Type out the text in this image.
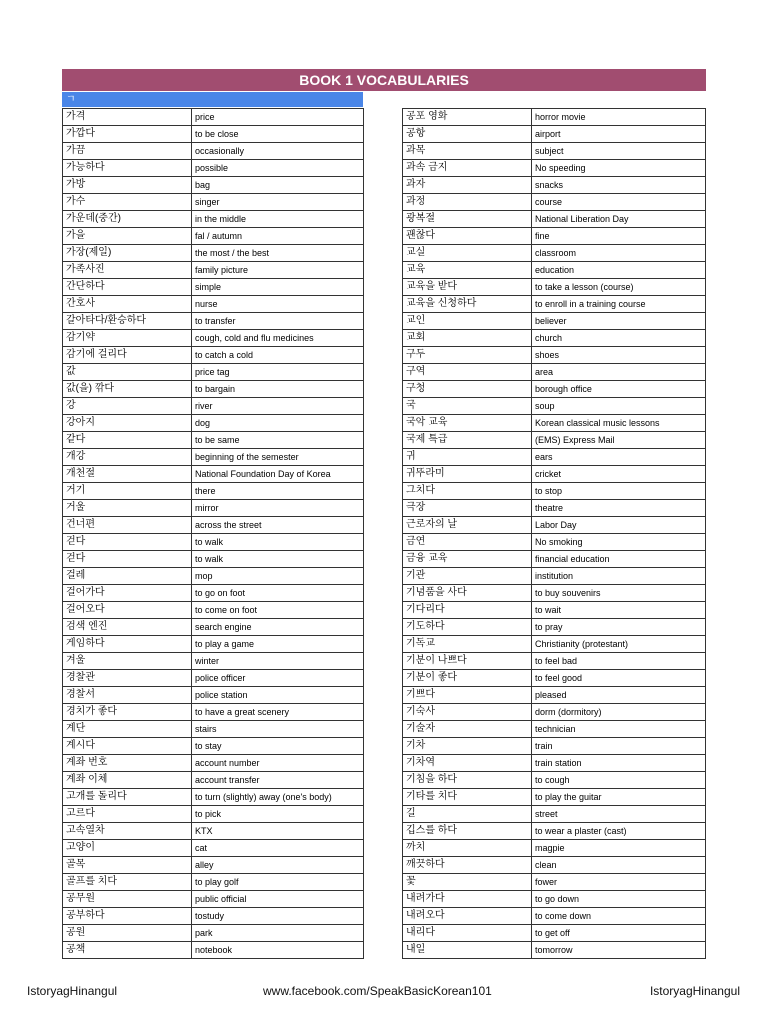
BOOK 1 VOCABULARIES
ㄱ
가격	price
가깝다	to be close
가끔	occasionally
가능하다	possible
가방	bag
가수	singer
가운데(중간)	in the middle
가을	fal / autumn
가장(제일)	the most / the best
가족사진	family picture
간단하다	simple
간호사	nurse
갈아타다/환승하다	to transfer
감기약	cough, cold and flu medicines
감기에 걸리다	to catch a cold
값	price tag
값(을) 깎다	to bargain
강	river
강아지	dog
같다	to be same
개강	beginning of the semester
개천절	National Foundation Day of Korea
거기	there
거울	mirror
건너편	across the street
걷다	to walk
걷다	to walk
걸레	mop
걸어가다	to go on foot
걸어오다	to come on foot
검색 엔진	search engine
게임하다	to play a game
겨울	winter
경찰관	police officer
경찰서	police station
경치가 좋다	to have a great scenery
계단	stairs
계시다	to stay
계좌 번호	account number
계좌 이체	account transfer
고개를 돌리다	to turn (slightly) away (one's body)
고르다	to pick
고속열차	KTX
고양이	cat
골목	alley
골프를 치다	to play golf
공무원	public official
공부하다	tostudy
공원	park
공책	notebook
공포 영화	horror movie
공항	airport
과목	subject
과속 금지	No speeding
과자	snacks
과정	course
광복절	National Liberation Day
괜찮다	fine
교실	classroom
교육	education
교육을 받다	to take a lesson (course)
교육을 신청하다	to enroll in a training course
교인	believer
교회	church
구두	shoes
구역	area
구청	borough office
국	soup
국악 교육	Korean classical music lessons
국제 특급	(EMS) Express Mail
귀	ears
귀뚜라미	cricket
그치다	to stop
극장	theatre
근로자의 날	Labor Day
금연	No smoking
금융 교육	financial education
기관	institution
기념품을 사다	to buy souvenirs
기다리다	to wait
기도하다	to pray
기독교	Christianity (protestant)
기분이 나쁘다	to feel bad
기분이 좋다	to feel good
기쁘다	pleased
기숙사	dorm (dormitory)
기술자	technician
기차	train
기차역	train station
기침을 하다	to cough
기타를 치다	to play the guitar
길	street
깁스를 하다	to wear a plaster (cast)
까치	magpie
깨끗하다	clean
꽃	fower
내려가다	to go down
내려오다	to come down
내리다	to get off
내일	tomorrow
IstoryagHinangul	www.facebook.com/SpeakBasicKorean101	IstoryagHinangul
